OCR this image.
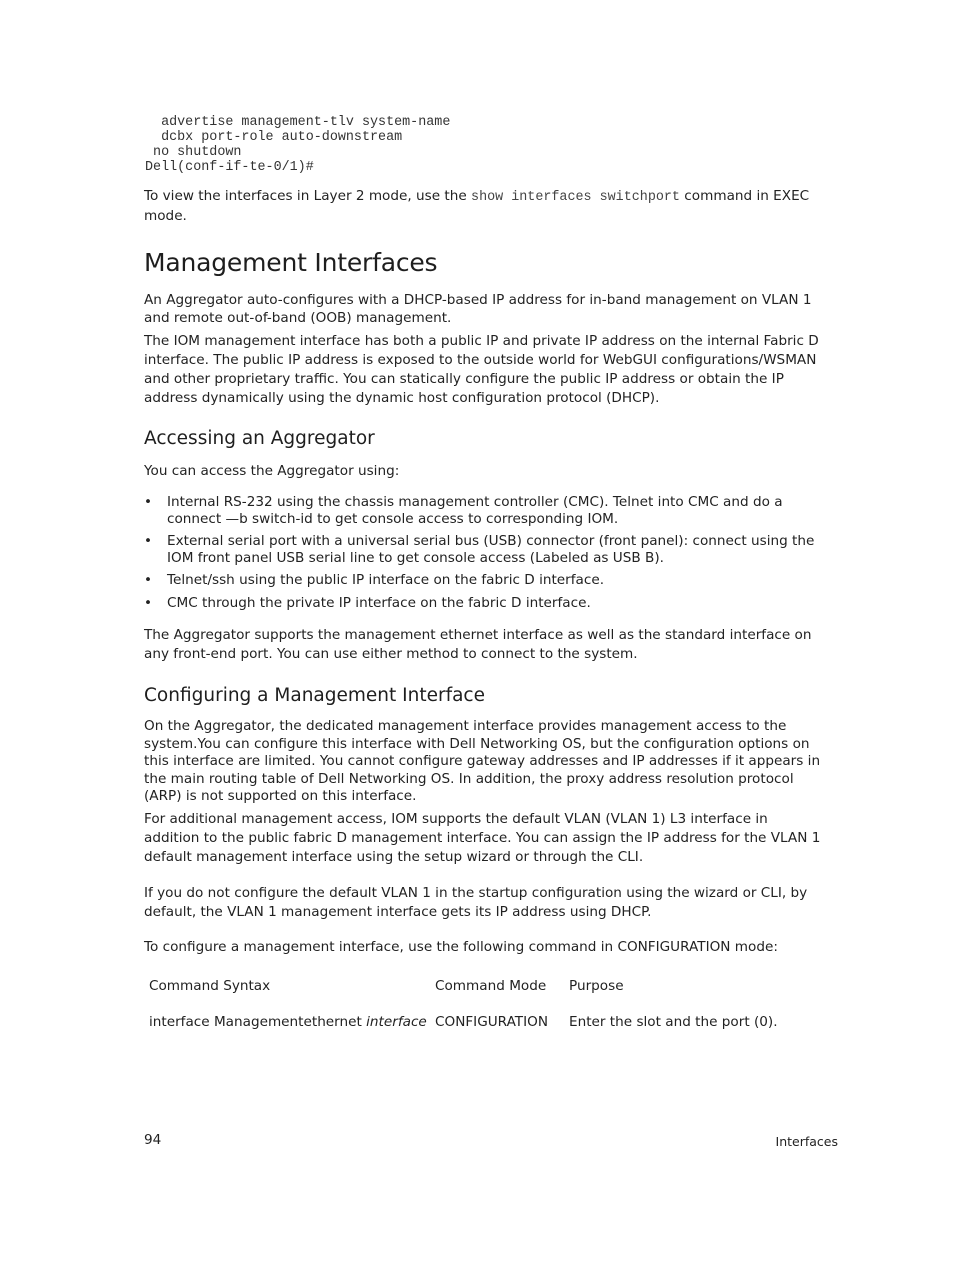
advertise management-tlv system-name
dcbx port-role auto-downstream
no shutdown
Dell(conf-if-te-0/1)#
To view the interfaces in Layer 2 mode, use the show interfaces switchport command in EXEC
mode.
Management Interfaces

An Aggregator auto-configures with a DHCP-based IP address for in-band management on VLAN 1 and remote out-of-band (OOB) management.

The IOM management interface has both a public IP and private IP address on the internal Fabric D interface. The public IP address is exposed to the outside world for WebGUI configurations/WSMAN and other proprietary traffic. You can statically configure the public IP address or obtain the IP address dynamically using the dynamic host configuration protocol (DHCP).

Accessing an Aggregator

You can access the Aggregator using:

• Internal RS-232 using the chassis management controller (CMC). Telnet into CMC and do a connect —b switch-id to get console access to corresponding IOM.
• External serial port with a universal serial bus (USB) connector (front panel): connect using the IOM front panel USB serial line to get console access (Labeled as USB B).
• Telnet/ssh using the public IP interface on the fabric D interface.
• CMC through the private IP interface on the fabric D interface.

The Aggregator supports the management ethernet interface as well as the standard interface on any front-end port. You can use either method to connect to the system.

Configuring a Management Interface

On the Aggregator, the dedicated management interface provides management access to the system.You can configure this interface with Dell Networking OS, but the configuration options on this interface are limited. You cannot configure gateway addresses and IP addresses if it appears in the main routing table of Dell Networking OS. In addition, the proxy address resolution protocol (ARP) is not supported on this interface.

For additional management access, IOM supports the default VLAN (VLAN 1) L3 interface in addition to the public fabric D management interface. You can assign the IP address for the VLAN 1 default management interface using the setup wizard or through the CLI.

If you do not configure the default VLAN 1 in the startup configuration using the wizard or CLI, by default, the VLAN 1 management interface gets its IP address using DHCP.

To configure a management interface, use the following command in CONFIGURATION mode:

Command Syntax	Command Mode Purpose
interface Managementethernet interface CONFIGURATION Enter the slot and the port (0).
94	Interfaces
